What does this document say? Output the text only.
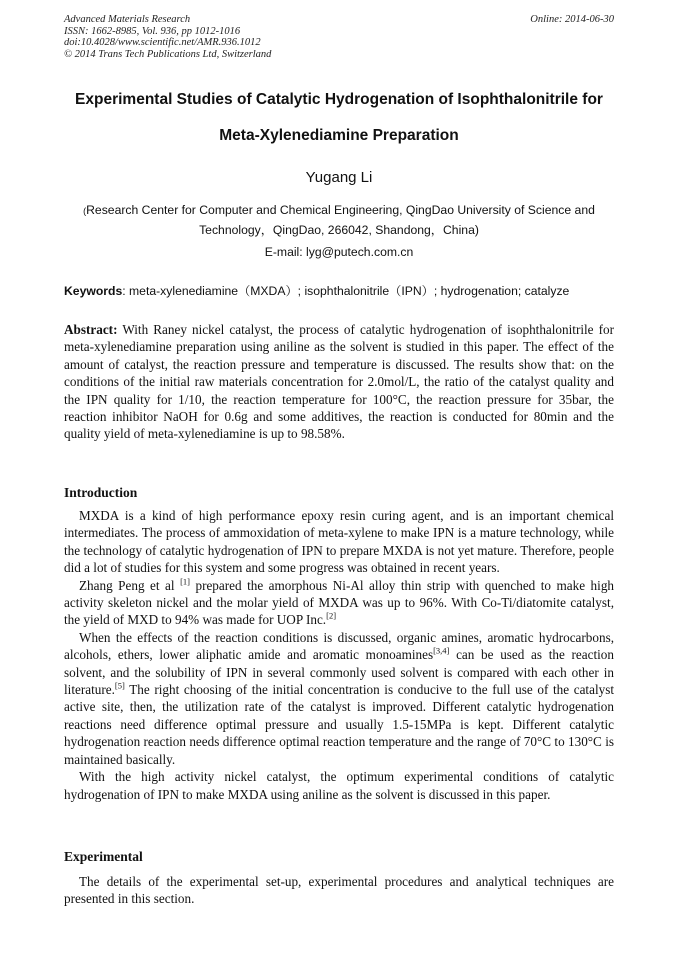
Advanced Materials Research
ISSN: 1662-8985, Vol. 936, pp 1012-1016
doi:10.4028/www.scientific.net/AMR.936.1012
© 2014 Trans Tech Publications Ltd, Switzerland
Online: 2014-06-30
Experimental Studies of Catalytic Hydrogenation of Isophthalonitrile for
Meta-Xylenediamine Preparation
Yugang Li
(Research Center for Computer and Chemical Engineering, QingDao University of Science and
Technology，QingDao, 266042, Shandong，China)
E-mail: lyg@putech.com.cn
Keywords: meta-xylenediamine（MXDA）; isophthalonitrile（IPN）; hydrogenation; catalyze
Abstract: With Raney nickel catalyst, the process of catalytic hydrogenation of isophthalonitrile for meta-xylenediamine preparation using aniline as the solvent is studied in this paper. The effect of the amount of catalyst, the reaction pressure and temperature is discussed. The results show that: on the conditions of the initial raw materials concentration for 2.0mol/L, the ratio of the catalyst quality and the IPN quality for 1/10, the reaction temperature for 100°C, the reaction pressure for 35bar, the reaction inhibitor NaOH for 0.6g and some additives, the reaction is conducted for 80min and the quality yield of meta-xylenediamine is up to 98.58%.
Introduction

MXDA is a kind of high performance epoxy resin curing agent, and is an important chemical intermediates. The process of ammoxidation of meta-xylene to make IPN is a mature technology, while the technology of catalytic hydrogenation of IPN to prepare MXDA is not yet mature. Therefore, people did a lot of studies for this system and some progress was obtained in recent years.

Zhang Peng et al [1] prepared the amorphous Ni-Al alloy thin strip with quenched to make high activity skeleton nickel and the molar yield of MXDA was up to 96%. With Co-Ti/diatomite catalyst, the yield of MXD to 94% was made for UOP Inc.[2]

When the effects of the reaction conditions is discussed, organic amines, aromatic hydrocarbons, alcohols, ethers, lower aliphatic amide and aromatic monoamines[3,4] can be used as the reaction solvent, and the solubility of IPN in several commonly used solvent is compared with each other in literature.[5] The right choosing of the initial concentration is conducive to the full use of the catalyst active site, then, the utilization rate of the catalyst is improved. Different catalytic hydrogenation reactions need difference optimal pressure and usually 1.5-15MPa is kept. Different catalytic hydrogenation reaction needs difference optimal reaction temperature and the range of 70°C to 130°C is maintained basically.

With the high activity nickel catalyst, the optimum experimental conditions of catalytic hydrogenation of IPN to make MXDA using aniline as the solvent is discussed in this paper.

Experimental

The details of the experimental set-up, experimental procedures and analytical techniques are presented in this section.
